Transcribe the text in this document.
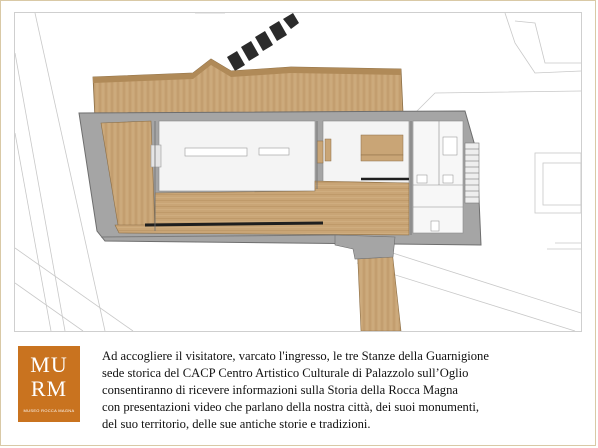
MU
RM
MUSEO ROCCA MAGNA

Ad accogliere il visitatore, varcato l'ingresso, le tre Stanze della Guarnigione
sede storica del CACP Centro Artistico Culturale di Palazzolo sull’Oglio
consentiranno di ricevere informazioni sulla Storia della Rocca Magna
con presentazioni video che parlano della nostra città, dei suoi monumenti,
del suo territorio, delle sue antiche storie e tradizioni.
